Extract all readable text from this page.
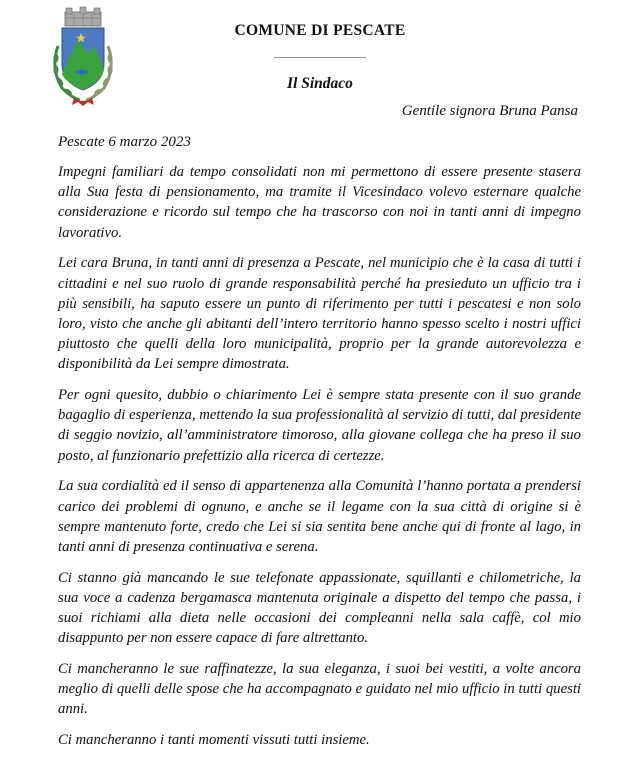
COMUNE DI PESCATE
Il Sindaco
Gentile signora Bruna Pansa
Pescate 6 marzo 2023

Impegni familiari da tempo consolidati non mi permettono di essere presente stasera alla Sua festa di pensionamento, ma tramite il Vicesindaco volevo esternare qualche considerazione e ricordo sul tempo che ha trascorso con noi in tanti anni di impegno lavorativo.

Lei cara Bruna, in tanti anni di presenza a Pescate, nel municipio che è la casa di tutti i cittadini e nel suo ruolo di grande responsabilità perché ha presieduto un ufficio tra i più sensibili, ha saputo essere un punto di riferimento per tutti i pescatesi e non solo loro, visto che anche gli abitanti dell’intero territorio hanno spesso scelto i nostri uffici piuttosto che quelli della loro municipalità, proprio per la grande autorevolezza e disponibilità da Lei sempre dimostrata.

Per ogni quesito, dubbio o chiarimento Lei è sempre stata presente con il suo grande bagaglio di esperienza, mettendo la sua professionalità al servizio di tutti, dal presidente di seggio novizio, all’amministratore timoroso, alla giovane collega che ha preso il suo posto, al funzionario prefettizio alla ricerca di certezze.

La sua cordialità ed il senso di appartenenza alla Comunità l’hanno portata a prendersi carico dei problemi di ognuno, e anche se il legame con la sua città di origine si è sempre mantenuto forte, credo che Lei si sia sentita bene anche qui di fronte al lago, in tanti anni di presenza continuativa e serena.

Ci stanno già mancando le sue telefonate appassionate, squillanti e chilometriche, la sua voce a cadenza bergamasca mantenuta originale a dispetto del tempo che passa, i suoi richiami alla dieta nelle occasioni dei compleanni nella sala caffè, col mio disappunto per non essere capace di fare altrettanto.

Ci mancheranno le sue raffinatezze, la sua eleganza, i suoi bei vestiti, a volte ancora meglio di quelli delle spose che ha accompagnato e guidato nel mio ufficio in tutti questi anni.

Ci mancheranno i tanti momenti vissuti tutti insieme.
